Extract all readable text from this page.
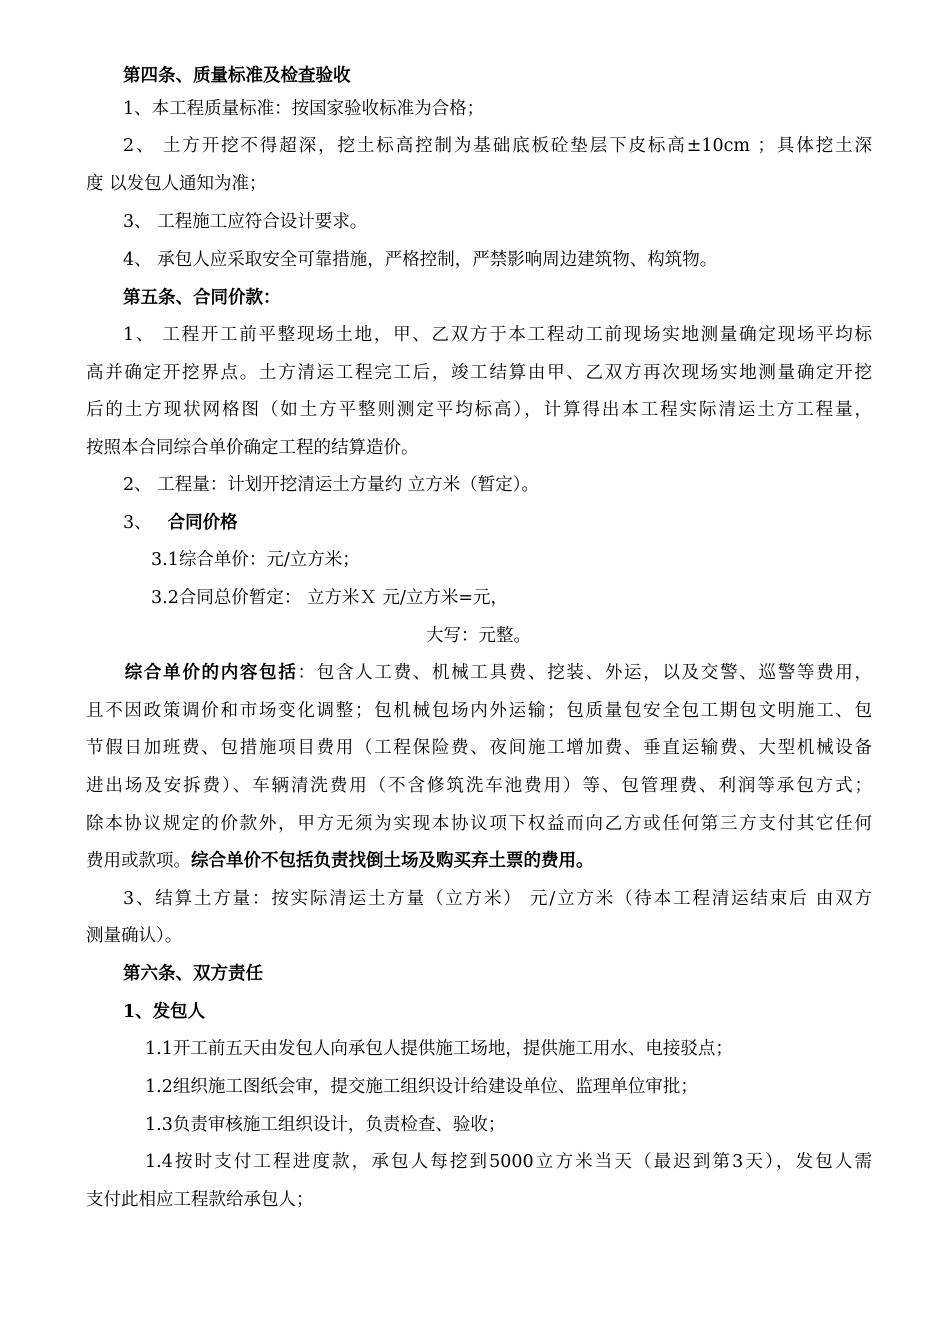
第四条、质量标准及检查验收
1、本工程质量标准：按国家验收标准为合格；
2、 土方开挖不得超深，挖土标高控制为基础底板砼垫层下皮标高±10cm ；具体挖土深
度 以发包人通知为准；
3、 工程施工应符合设计要求。
4、 承包人应采取安全可靠措施，严格控制，严禁影响周边建筑物、构筑物。
第五条、合同价款：
1、 工程开工前平整现场土地，甲、乙双方于本工程动工前现场实地测量确定现场平均标
高并确定开挖界点。土方清运工程完工后，竣工结算由甲、乙双方再次现场实地测量确定开挖
后的土方现状网格图（如土方平整则测定平均标高），计算得出本工程实际清运土方工程量，
按照本合同综合单价确定工程的结算造价。
2、 工程量：计划开挖清运土方量约 立方米（暂定）。
3、 合同价格
3.1综合单价：元/立方米；
3.2合同总价暂定： 立方米Ｘ 元/立方米=元，
大写：元整。
综合单价的内容包括：包含人工费、机械工具费、挖装、外运，以及交警、巡警等费用，
且不因政策调价和市场变化调整；包机械包场内外运输；包质量包安全包工期包文明施工、包
节假日加班费、包措施项目费用（工程保险费、夜间施工增加费、垂直运输费、大型机械设备
进出场及安拆费）、车辆清洗费用（不含修筑洗车池费用）等、包管理费、利润等承包方式；
除本协议规定的价款外，甲方无须为实现本协议项下权益而向乙方或任何第三方支付其它任何
费用或款项。综合单价不包括负责找倒土场及购买弃土票的费用。
3、结算土方量：按实际清运土方量（立方米） 元/立方米（待本工程清运结束后 由双方
测量确认）。
第六条、双方责任
1、发包人
1.1开工前五天由发包人向承包人提供施工场地，提供施工用水、电接驳点；
1.2组织施工图纸会审，提交施工组织设计给建设单位、监理单位审批；
1.3负责审核施工组织设计，负责检查、验收；
1.4按时支付工程进度款，承包人每挖到5000立方米当天（最迟到第3天），发包人需
支付此相应工程款给承包人；
